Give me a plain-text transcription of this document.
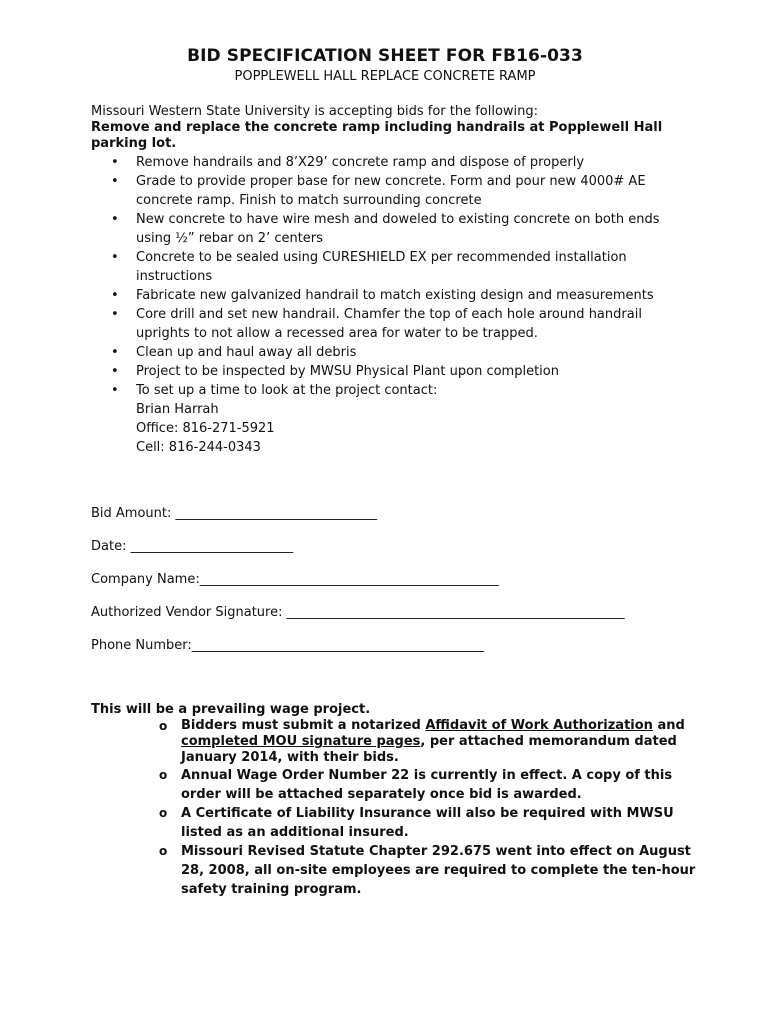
BID SPECIFICATION SHEET FOR FB16-033
POPPLEWELL HALL REPLACE CONCRETE RAMP
Missouri Western State University is accepting bids for the following:
Remove and replace the concrete ramp including handrails at Popplewell Hall parking lot.
• Remove handrails and 8’X29’ concrete ramp and dispose of properly
• Grade to provide proper base for new concrete. Form and pour new 4000# AE concrete ramp. Finish to match surrounding concrete
• New concrete to have wire mesh and doweled to existing concrete on both ends using ½” rebar on 2’ centers
• Concrete to be sealed using CURESHIELD EX per recommended installation instructions
• Fabricate new galvanized handrail to match existing design and measurements
• Core drill and set new handrail. Chamfer the top of each hole around handrail uprights to not allow a recessed area for water to be trapped.
• Clean up and haul away all debris
• Project to be inspected by MWSU Physical Plant upon completion
• To set up a time to look at the project contact:
Brian Harrah
Office: 816-271-5921
Cell: 816-244-0343
Bid Amount: _______________________________
Date: _________________________
Company Name:______________________________________________
Authorized Vendor Signature: ____________________________________________________
Phone Number:_____________________________________________
This will be a prevailing wage project.
o Bidders must submit a notarized Affidavit of Work Authorization and completed MOU signature pages, per attached memorandum dated January 2014, with their bids.
o Annual Wage Order Number 22 is currently in effect. A copy of this order will be attached separately once bid is awarded.
o A Certificate of Liability Insurance will also be required with MWSU listed as an additional insured.
o Missouri Revised Statute Chapter 292.675 went into effect on August 28, 2008, all on-site employees are required to complete the ten-hour safety training program.
